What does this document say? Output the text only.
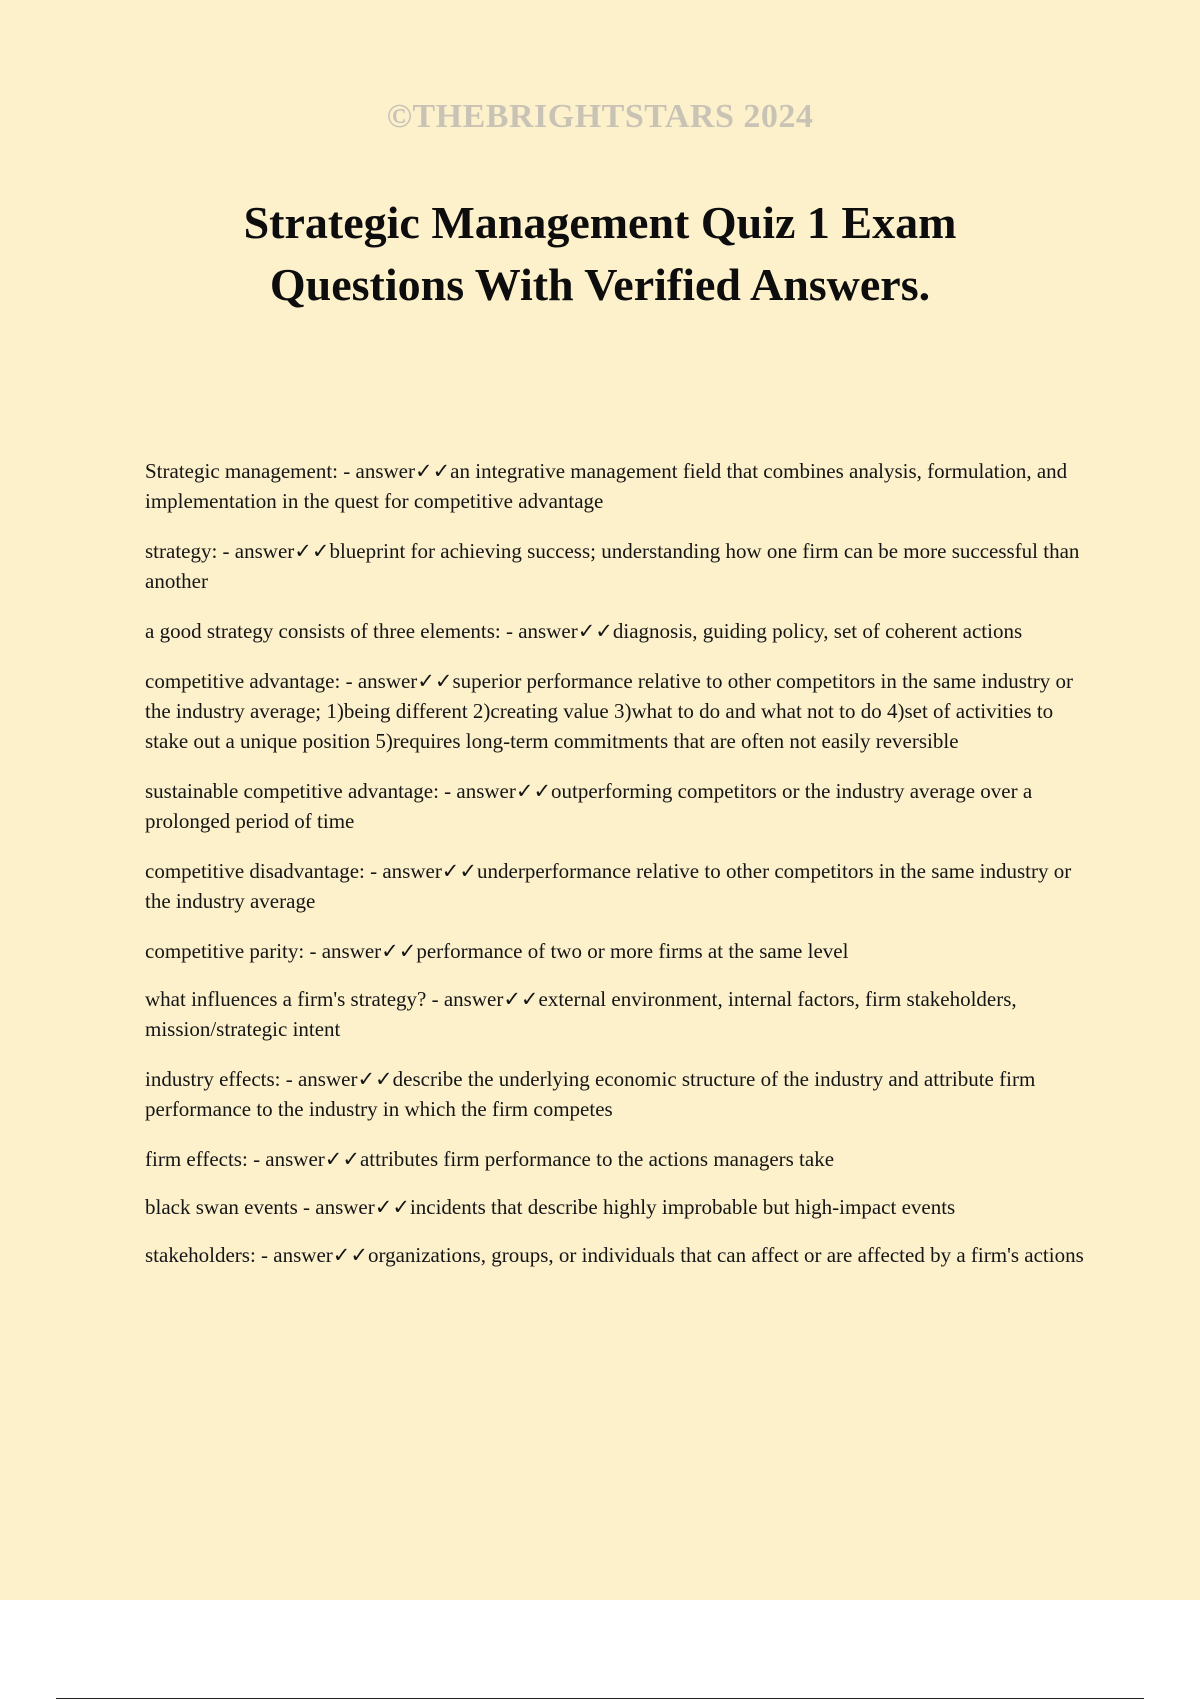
©THEBRIGHTSTARS 2024
Strategic Management Quiz 1 Exam Questions With Verified Answers.
Strategic management: - answer✓✓an integrative management field that combines analysis, formulation, and implementation in the quest for competitive advantage
strategy: - answer✓✓blueprint for achieving success; understanding how one firm can be more successful than another
a good strategy consists of three elements: - answer✓✓diagnosis, guiding policy, set of coherent actions
competitive advantage: - answer✓✓superior performance relative to other competitors in the same industry or the industry average; 1)being different 2)creating value 3)what to do and what not to do 4)set of activities to stake out a unique position 5)requires long-term commitments that are often not easily reversible
sustainable competitive advantage: - answer✓✓outperforming competitors or the industry average over a prolonged period of time
competitive disadvantage: - answer✓✓underperformance relative to other competitors in the same industry or the industry average
competitive parity: - answer✓✓performance of two or more firms at the same level
what influences a firm's strategy? - answer✓✓external environment, internal factors, firm stakeholders, mission/strategic intent
industry effects: - answer✓✓describe the underlying economic structure of the industry and attribute firm performance to the industry in which the firm competes
firm effects: - answer✓✓attributes firm performance to the actions managers take
black swan events - answer✓✓incidents that describe highly improbable but high-impact events
stakeholders: - answer✓✓organizations, groups, or individuals that can affect or are affected by a firm's actions
